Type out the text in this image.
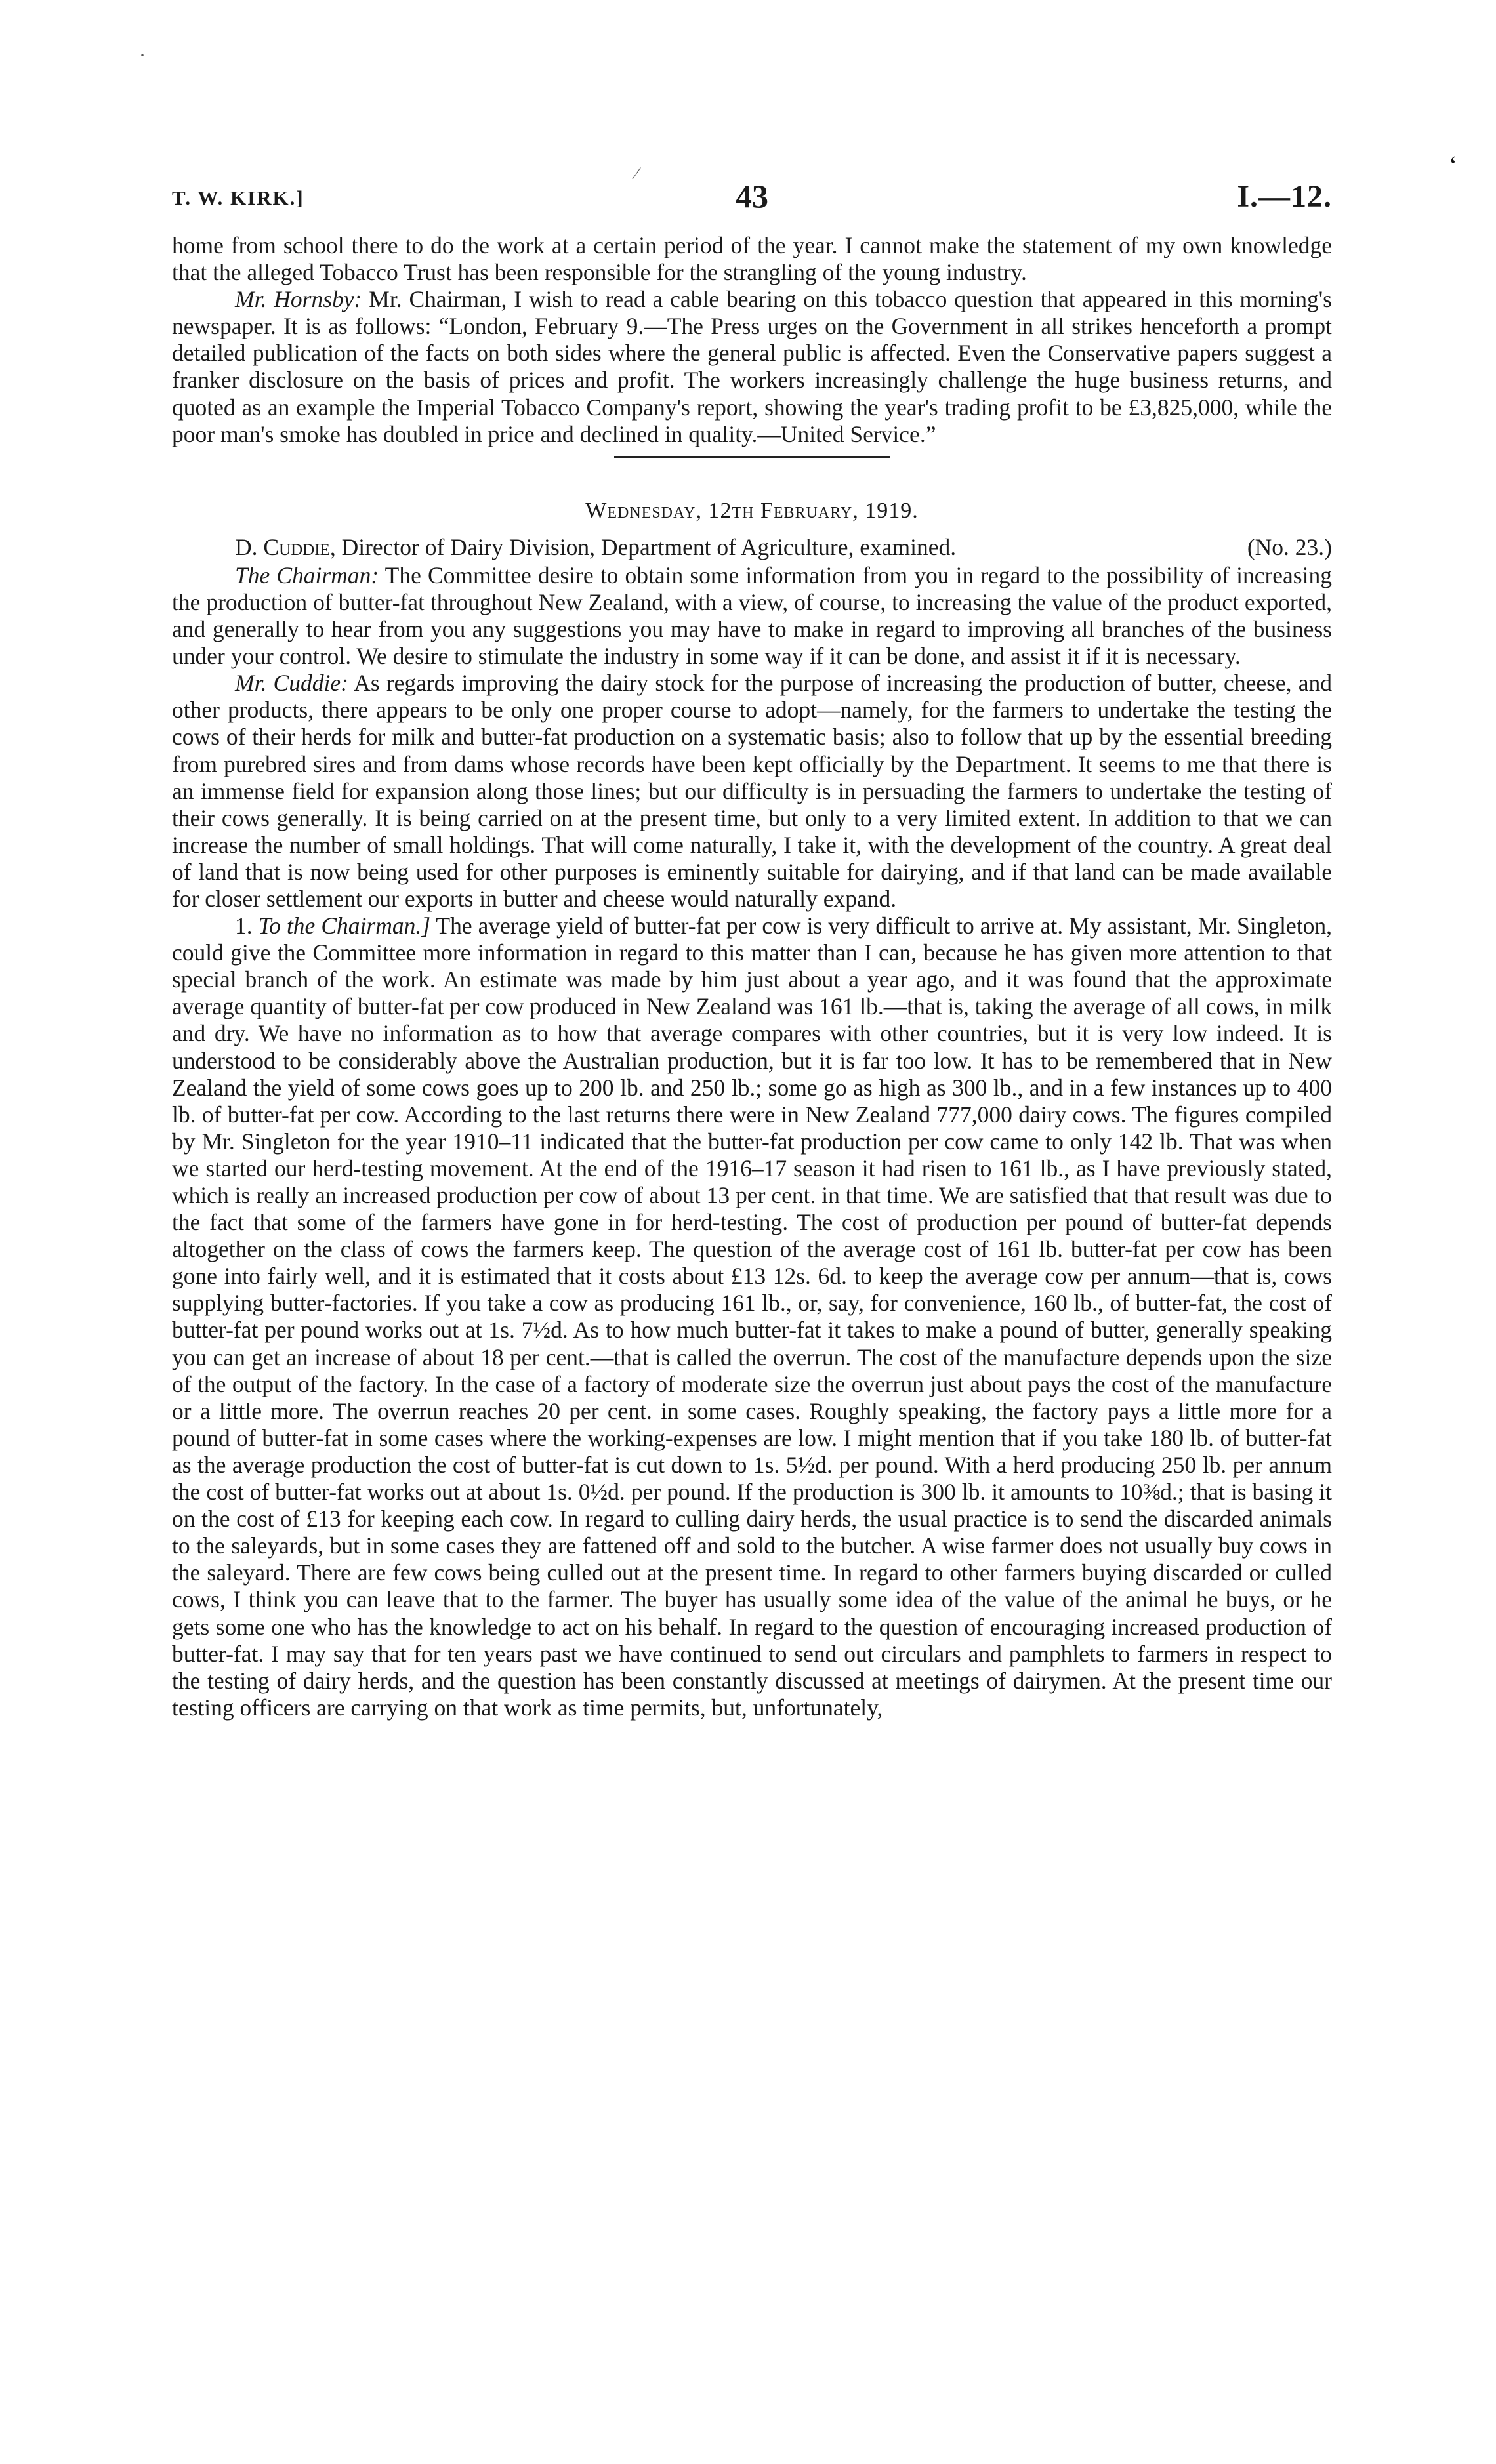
·
⁄	‘
T. W. KIRK.]	43	I.—12.

home from school there to do the work at a certain period of the year. I cannot make the statement of my own knowledge that the alleged Tobacco Trust has been responsible for the strangling of the young industry.

Mr. Hornsby: Mr. Chairman, I wish to read a cable bearing on this tobacco question that appeared in this morning's newspaper. It is as follows: “London, February 9.—The Press urges on the Government in all strikes henceforth a prompt detailed publication of the facts on both sides where the general public is affected. Even the Conservative papers suggest a franker disclosure on the basis of prices and profit. The workers increasingly challenge the huge business returns, and quoted as an example the Imperial Tobacco Company's report, showing the year's trading profit to be £3,825,000, while the poor man's smoke has doubled in price and declined in quality.—United Service.”

Wednesday, 12th February, 1919.

D. Cuddie, Director of Dairy Division, Department of Agriculture, examined.	(No. 23.)

The Chairman: The Committee desire to obtain some information from you in regard to the possibility of increasing the production of butter-fat throughout New Zealand, with a view, of course, to increasing the value of the product exported, and generally to hear from you any suggestions you may have to make in regard to improving all branches of the business under your control. We desire to stimulate the industry in some way if it can be done, and assist it if it is necessary.

Mr. Cuddie: As regards improving the dairy stock for the purpose of increasing the production of butter, cheese, and other products, there appears to be only one proper course to adopt—namely, for the farmers to undertake the testing the cows of their herds for milk and butter-fat production on a systematic basis; also to follow that up by the essential breeding from purebred sires and from dams whose records have been kept officially by the Department. It seems to me that there is an immense field for expansion along those lines; but our difficulty is in persuading the farmers to undertake the testing of their cows generally. It is being carried on at the present time, but only to a very limited extent. In addition to that we can increase the number of small holdings. That will come naturally, I take it, with the development of the country. A great deal of land that is now being used for other purposes is eminently suitable for dairying, and if that land can be made available for closer settlement our exports in butter and cheese would naturally expand.

1. To the Chairman.] The average yield of butter-fat per cow is very difficult to arrive at. My assistant, Mr. Singleton, could give the Committee more information in regard to this matter than I can, because he has given more attention to that special branch of the work. An estimate was made by him just about a year ago, and it was found that the approximate average quantity of butter-fat per cow produced in New Zealand was 161 lb.—that is, taking the average of all cows, in milk and dry. We have no information as to how that average compares with other countries, but it is very low indeed. It is understood to be considerably above the Australian production, but it is far too low. It has to be remembered that in New Zealand the yield of some cows goes up to 200 lb. and 250 lb.; some go as high as 300 lb., and in a few instances up to 400 lb. of butter-fat per cow. According to the last returns there were in New Zealand 777,000 dairy cows. The figures compiled by Mr. Singleton for the year 1910–11 indicated that the butter-fat production per cow came to only 142 lb. That was when we started our herd-testing movement. At the end of the 1916–17 season it had risen to 161 lb., as I have previously stated, which is really an increased production per cow of about 13 per cent. in that time. We are satisfied that that result was due to the fact that some of the farmers have gone in for herd-testing. The cost of production per pound of butter-fat depends altogether on the class of cows the farmers keep. The question of the average cost of 161 lb. butter-fat per cow has been gone into fairly well, and it is estimated that it costs about £13 12s. 6d. to keep the average cow per annum—that is, cows supplying butter-factories. If you take a cow as producing 161 lb., or, say, for convenience, 160 lb., of butter-fat, the cost of butter-fat per pound works out at 1s. 7½d. As to how much butter-fat it takes to make a pound of butter, generally speaking you can get an increase of about 18 per cent.—that is called the overrun. The cost of the manufacture depends upon the size of the output of the factory. In the case of a factory of moderate size the overrun just about pays the cost of the manufacture or a little more. The overrun reaches 20 per cent. in some cases. Roughly speaking, the factory pays a little more for a pound of butter-fat in some cases where the working-expenses are low. I might mention that if you take 180 lb. of butter-fat as the average production the cost of butter-fat is cut down to 1s. 5½d. per pound. With a herd producing 250 lb. per annum the cost of butter-fat works out at about 1s. 0½d. per pound. If the production is 300 lb. it amounts to 10⅜d.; that is basing it on the cost of £13 for keeping each cow. In regard to culling dairy herds, the usual practice is to send the discarded animals to the saleyards, but in some cases they are fattened off and sold to the butcher. A wise farmer does not usually buy cows in the saleyard. There are few cows being culled out at the present time. In regard to other farmers buying discarded or culled cows, I think you can leave that to the farmer. The buyer has usually some idea of the value of the animal he buys, or he gets some one who has the knowledge to act on his behalf. In regard to the question of encouraging increased production of butter-fat. I may say that for ten years past we have continued to send out circulars and pamphlets to farmers in respect to the testing of dairy herds, and the question has been constantly discussed at meetings of dairymen. At the present time our testing officers are carrying on that work as time permits, but, unfortunately,
